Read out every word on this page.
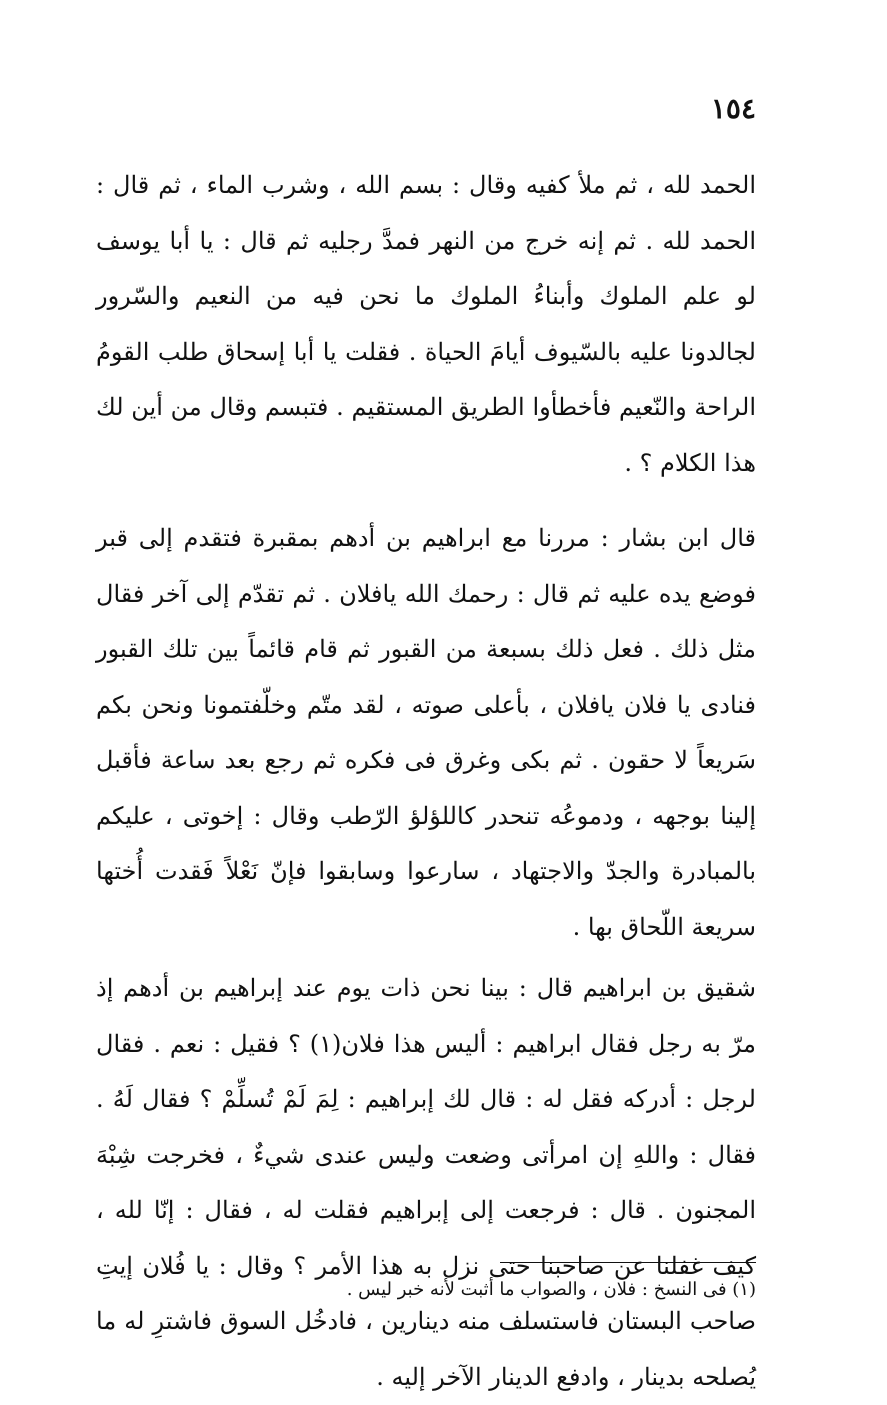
١٥٤

الحمد لله ، ثم ملأ كفيه وقال : بسم الله ، وشرب الماء ، ثم قال : الحمد لله . ثم إنه خرج من النهر فمدَّ رجليه ثم قال : يا أبا يوسف لو علم الملوك وأبناءُ الملوك ما نحن فيه من النعيم والسّرور لجالدونا عليه بالسّيوف أيامَ الحياة . فقلت يا أبا إسحاق طلب القومُ الراحة والنّعيم فأخطأوا الطريق المستقيم . فتبسم وقال من أين لك هذا الكلام ؟ .

قال ابن بشار : مررنا مع ابراهيم بن أدهم بمقبرة فتقدم إلى قبر فوضع يده عليه ثم قال : رحمك الله يافلان . ثم تقدّم إلى آخر فقال مثل ذلك . فعل ذلك بسبعة من القبور ثم قام قائماً بين تلك القبور فنادى يا فلان يافلان ، بأعلى صوته ، لقد متّم وخلّفتمونا ونحن بكم سَريعاً لا حقون . ثم بكى وغرق فى فكره ثم رجع بعد ساعة فأقبل إلينا بوجهه ، ودموعُه تنحدر كاللؤلؤ الرّطب وقال : إخوتى ، عليكم بالمبادرة والجدّ والاجتهاد ، سارعوا وسابقوا فإنّ نَعْلاً فَقدت أُختها سريعة اللّحاق بها .

شقيق بن ابراهيم قال : بينا نحن ذات يوم عند إبراهيم بن أدهم إذ مرّ به رجل فقال ابراهيم : أليس هذا فلان(١) ؟ فقيل : نعم . فقال لرجل : أدركه فقل له : قال لك إبراهيم : لِمَ لَمْ تُسلِّمْ ؟ فقال لَهُ . فقال : واللهِ إن امرأتى وضعت وليس عندى شيءٌ ، فخرجت شِبْهَ المجنون . قال : فرجعت إلى إبراهيم فقلت له ، فقال : إنّا لله ، كيف غفلنا عن صاحبنا حتى نزل به هذا الأمر ؟ وقال : يا فُلان إيتِ صاحب البستان فاستسلف منه دينارين ، فادخُل السوق فاشترِ له ما يُصلحه بدينار ، وادفع الدينار الآخر إليه .

(١) فى النسخ : فلان ، والصواب ما أثبت لأنه خبر ليس .
